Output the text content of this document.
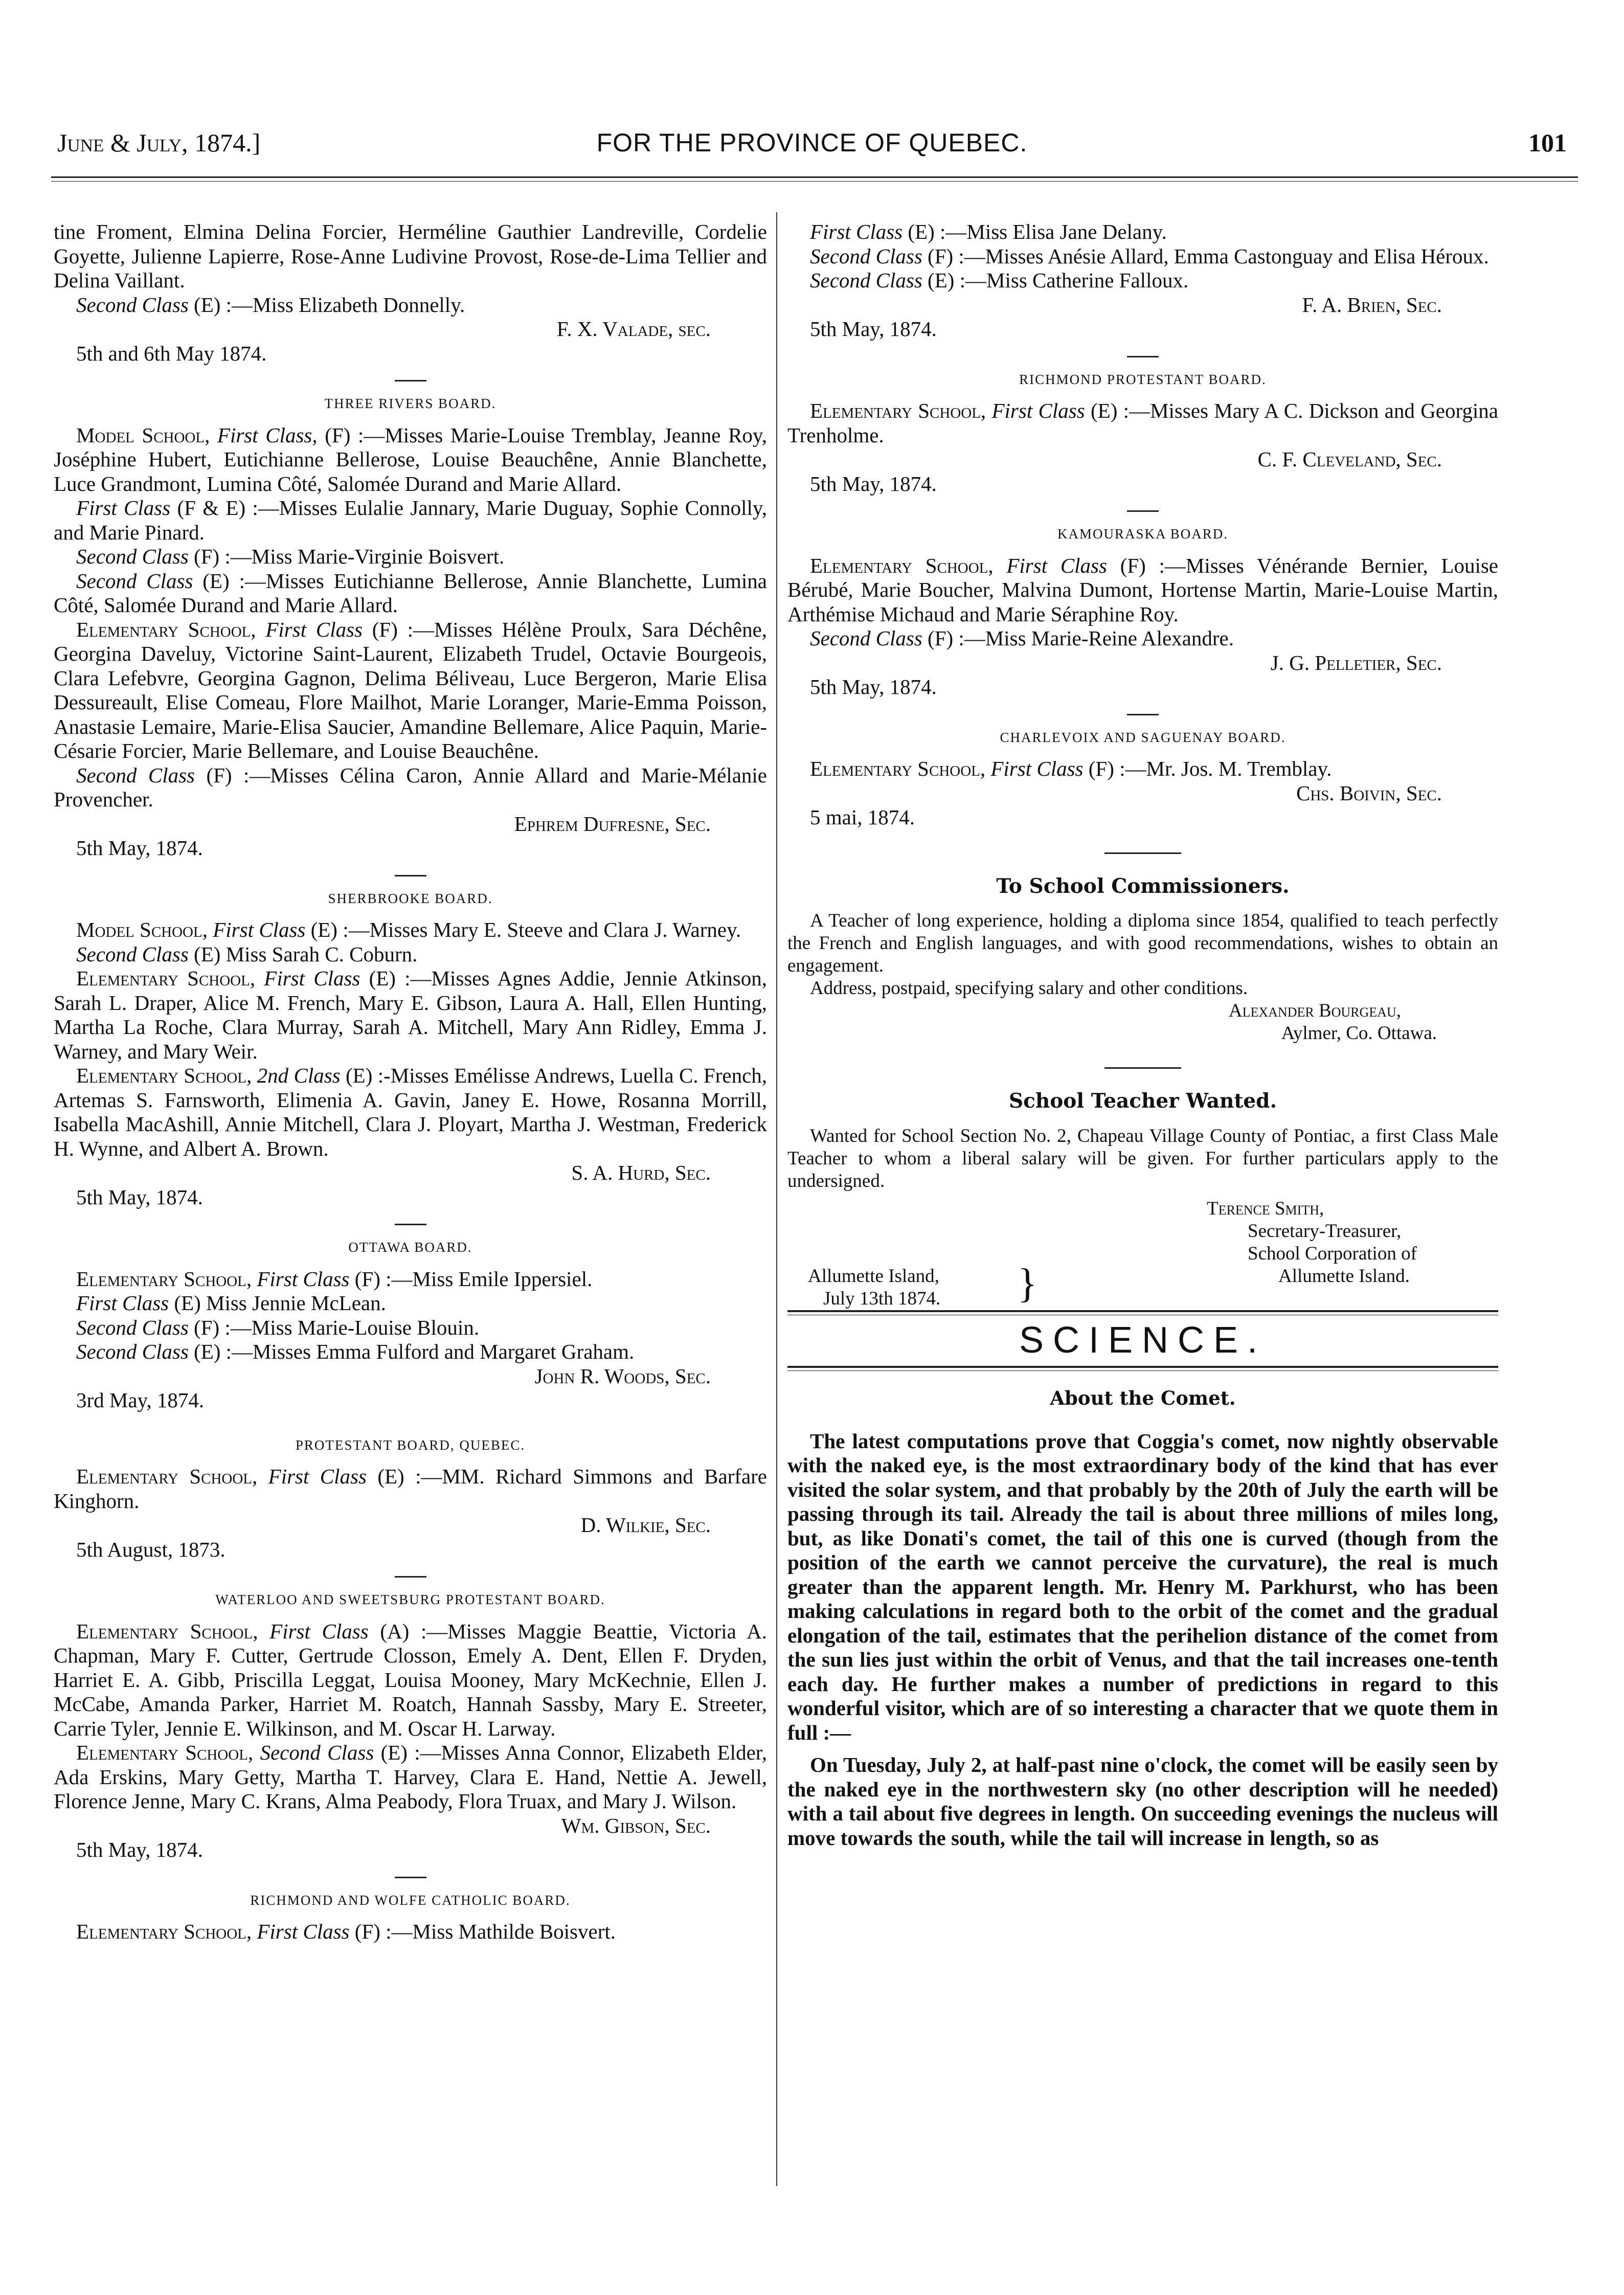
June & July, 1874.]	FOR THE PROVINCE OF QUEBEC.	101

tine Froment, Elmina Delina Forcier, Herméline Gauthier Landreville, Cordelie Goyette, Julienne Lapierre, Rose-Anne Ludivine Provost, Rose-de-Lima Tellier and Delina Vaillant.

Second Class (E) :—Miss Elizabeth Donnelly.

F. X. Valade, sec.

5th and 6th May 1874.

THREE RIVERS BOARD.

Model School, First Class, (F) :—Misses Marie-Louise Tremblay, Jeanne Roy, Joséphine Hubert, Eutichianne Bellerose, Louise Beauchêne, Annie Blanchette, Luce Grandmont, Lumina Côté, Salomée Durand and Marie Allard.

First Class (F & E) :—Misses Eulalie Jannary, Marie Duguay, Sophie Connolly, and Marie Pinard.

Second Class (F) :—Miss Marie-Virginie Boisvert.

Second Class (E) :—Misses Eutichianne Bellerose, Annie Blanchette, Lumina Côté, Salomée Durand and Marie Allard.

Elementary School, First Class (F) :—Misses Hélène Proulx, Sara Déchêne, Georgina Daveluy, Victorine Saint-Laurent, Elizabeth Trudel, Octavie Bourgeois, Clara Lefebvre, Georgina Gagnon, Delima Béliveau, Luce Bergeron, Marie Elisa Dessureault, Elise Comeau, Flore Mailhot, Marie Loranger, Marie-Emma Poisson, Anastasie Lemaire, Marie-Elisa Saucier, Amandine Bellemare, Alice Paquin, Marie-Césarie Forcier, Marie Bellemare, and Louise Beauchêne.

Second Class (F) :—Misses Célina Caron, Annie Allard and Marie-Mélanie Provencher.

Ephrem Dufresne, Sec.

5th May, 1874.

SHERBROOKE BOARD.

Model School, First Class (E) :—Misses Mary E. Steeve and Clara J. Warney.

Second Class (E) Miss Sarah C. Coburn.

Elementary School, First Class (E) :—Misses Agnes Addie, Jennie Atkinson, Sarah L. Draper, Alice M. French, Mary E. Gibson, Laura A. Hall, Ellen Hunting, Martha La Roche, Clara Murray, Sarah A. Mitchell, Mary Ann Ridley, Emma J. Warney, and Mary Weir.

Elementary School, 2nd Class (E) :-Misses Emélisse Andrews, Luella C. French, Artemas S. Farnsworth, Elimenia A. Gavin, Janey E. Howe, Rosanna Morrill, Isabella MacAshill, Annie Mitchell, Clara J. Ployart, Martha J. Westman, Frederick H. Wynne, and Albert A. Brown.

S. A. Hurd, Sec.

5th May, 1874.

OTTAWA BOARD.

Elementary School, First Class (F) :—Miss Emile Ippersiel.

First Class (E) Miss Jennie McLean.

Second Class (F) :—Miss Marie-Louise Blouin.

Second Class (E) :—Misses Emma Fulford and Margaret Graham.

John R. Woods, Sec.

3rd May, 1874.

PROTESTANT BOARD, QUEBEC.

Elementary School, First Class (E) :—MM. Richard Simmons and Barfare Kinghorn.

D. Wilkie, Sec.

5th August, 1873.

WATERLOO AND SWEETSBURG PROTESTANT BOARD.

Elementary School, First Class (A) :—Misses Maggie Beattie, Victoria A. Chapman, Mary F. Cutter, Gertrude Closson, Emely A. Dent, Ellen F. Dryden, Harriet E. A. Gibb, Priscilla Leggat, Louisa Mooney, Mary McKechnie, Ellen J. McCabe, Amanda Parker, Harriet M. Roatch, Hannah Sassby, Mary E. Streeter, Carrie Tyler, Jennie E. Wilkinson, and M. Oscar H. Larway.

Elementary School, Second Class (E) :—Misses Anna Connor, Elizabeth Elder, Ada Erskins, Mary Getty, Martha T. Harvey, Clara E. Hand, Nettie A. Jewell, Florence Jenne, Mary C. Krans, Alma Peabody, Flora Truax, and Mary J. Wilson.

Wm. Gibson, Sec.

5th May, 1874.

RICHMOND AND WOLFE CATHOLIC BOARD.

Elementary School, First Class (F) :—Miss Mathilde Boisvert.

First Class (E) :—Miss Elisa Jane Delany.

Second Class (F) :—Misses Anésie Allard, Emma Castonguay and Elisa Héroux.

Second Class (E) :—Miss Catherine Falloux.

F. A. Brien, Sec.

5th May, 1874.

RICHMOND PROTESTANT BOARD.

Elementary School, First Class (E) :—Misses Mary A C. Dickson and Georgina Trenholme.

C. F. Cleveland, Sec.

5th May, 1874.

KAMOURASKA BOARD.

Elementary School, First Class (F) :—Misses Vénérande Bernier, Louise Bérubé, Marie Boucher, Malvina Dumont, Hortense Martin, Marie-Louise Martin, Arthémise Michaud and Marie Séraphine Roy.

Second Class (F) :—Miss Marie-Reine Alexandre.

J. G. Pelletier, Sec.

5th May, 1874.

CHARLEVOIX AND SAGUENAY BOARD.

Elementary School, First Class (F) :—Mr. Jos. M. Tremblay.

Chs. Boivin, Sec.

5 mai, 1874.

To School Commissioners.

A Teacher of long experience, holding a diploma since 1854, qualified to teach perfectly the French and English languages, and with good recommendations, wishes to obtain an engagement.

Address, postpaid, specifying salary and other conditions.

Alexander Bourgeau,

Aylmer, Co. Ottawa.

School Teacher Wanted.

Wanted for School Section No. 2, Chapeau Village County of Pontiac, a first Class Male Teacher to whom a liberal salary will be given. For further particulars apply to the undersigned.

Terence Smith,
Secretary-Treasurer,
School Corporation of
Allumette Island.
Allumette Island,
July 13th 1874. }
SCIENCE.
About the Comet.

The latest computations prove that Coggia's comet, now nightly observable with the naked eye, is the most extraordinary body of the kind that has ever visited the solar system, and that probably by the 20th of July the earth will be passing through its tail. Already the tail is about three millions of miles long, but, as like Donati's comet, the tail of this one is curved (though from the position of the earth we cannot perceive the curvature), the real is much greater than the apparent length. Mr. Henry M. Parkhurst, who has been making calculations in regard both to the orbit of the comet and the gradual elongation of the tail, estimates that the perihelion distance of the comet from the sun lies just within the orbit of Venus, and that the tail increases one-tenth each day. He further makes a number of predictions in regard to this wonderful visitor, which are of so interesting a character that we quote them in full :—

On Tuesday, July 2, at half-past nine o'clock, the comet will be easily seen by the naked eye in the northwestern sky (no other description will he needed) with a tail about five degrees in length. On succeeding evenings the nucleus will move towards the south, while the tail will increase in length, so as
